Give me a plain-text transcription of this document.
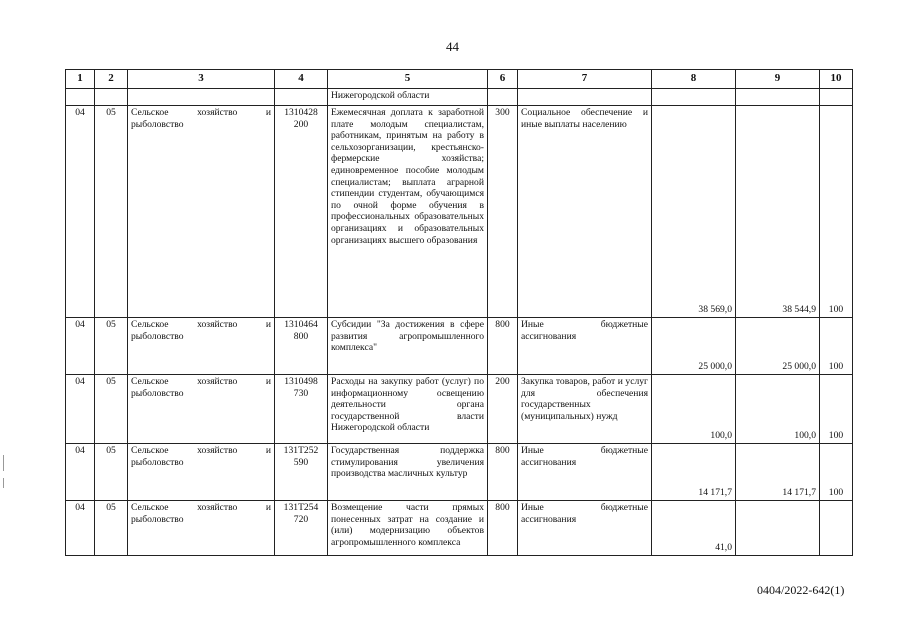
44
1	2	3	4	5	6	7	8	9	10
				Нижегородской области					
04	05	Сельское хозяйство и рыболовство	1310428 200	Ежемесячная доплата к заработной плате молодым специалистам, работникам, принятым на работу в сельхозорганизации, крестьянско-фермерские хозяйства; единовременное пособие молодым специалистам; выплата аграрной стипендии студентам, обучающимся по очной форме обучения в профессиональных образовательных организациях и образовательных организациях высшего образования	300	Социальное обеспечение и иные выплаты населению	38 569,0	38 544,9	100
04	05	Сельское хозяйство и рыболовство	1310464 800	Субсидии "За достижения в сфере развития агропромышленного комплекса"	800	Иные бюджетные ассигнования	25 000,0	25 000,0	100
04	05	Сельское хозяйство и рыболовство	1310498 730	Расходы на закупку работ (услуг) по информационному освещению деятельности органа государственной власти Нижегородской области	200	Закупка товаров, работ и услуг для обеспечения государственных (муниципальных) нужд	100,0	100,0	100
04	05	Сельское хозяйство и рыболовство	131Т252 590	Государственная поддержка стимулирования увеличения производства масличных культур	800	Иные бюджетные ассигнования	14 171,7	14 171,7	100
04	05	Сельское хозяйство и рыболовство	131Т254 720	Возмещение части прямых понесенных затрат на создание и (или) модернизацию объектов агропромышленного комплекса	800	Иные бюджетные ассигнования	41,0		
0404/2022-642(1)
